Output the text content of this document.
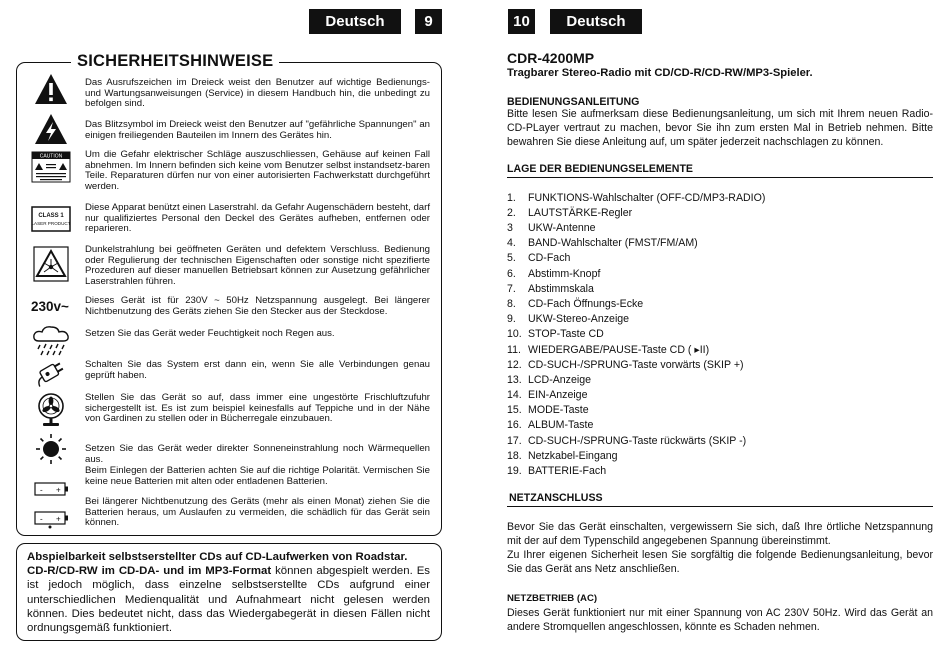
Deutsch	9	10	Deutsch
SICHERHEITSHINWEISE
Das Ausrufszeichen im Dreieck weist den Benutzer auf wichtige Bedienungs- und Wartungsanweisungen (Service) in diesem Handbuch hin, die unbedingt zu befolgen sind.
Das Blitzsymbol im Dreieck weist den Benutzer auf "gefährliche Spannungen" an einigen freiliegenden Bauteilen im Innern des Gerätes hin.
CAUTION Um die Gefahr elektrischer Schläge auszuschliessen, Gehäuse auf keinen Fall abnehmen. Im Innern befinden sich keine vom Benutzer selbst instandsetz-baren Teile. Reparaturen dürfen nur von einer autorisierten Fachwerkstatt durchgeführt werden.
CLASS 1
LASER PRODUCT
Diese Apparat benützt einen Laserstrahl. da Gefahr Augenschädern besteht, darf nur qualifiziertes Personal den Deckel des Gerätes aufheben, entfernen oder reparieren.
Dunkelstrahlung bei geöffneten Geräten und defektem Verschluss. Bedienung oder Regulierung der technischen Eigenschaften oder sonstige nicht spezifierte Prozeduren auf dieser manuellen Betriebsart können zur Ausetzung gefährlicher Laserstrahlen führen.
230v~ Dieses Gerät ist für 230V ~ 50Hz Netzspannung ausgelegt. Bei längerer Nichtbenutzung des Geräts ziehen Sie den Stecker aus der Steckdose.
Setzen Sie das Gerät weder Feuchtigkeit noch Regen aus.
Schalten Sie das System erst dann ein, wenn Sie alle Verbindungen genau geprüft haben.
Stellen Sie das Gerät so auf, dass immer eine ungestörte Frischluftzufuhr sichergestellt ist. Es ist zum beispiel keinesfalls auf Teppiche und in der Nähe von Gardinen zu stellen oder in Bücherregale einzubauen.
Setzen Sie das Gerät weder direkter Sonneneinstrahlung noch Wärmequellen aus.
- +
Beim Einlegen der Batterien achten Sie auf die richtige Polarität. Vermischen Sie keine neue Batterien mit alten oder entladenen Batterien.
- +
Bei längerer Nichtbenutzung des Geräts (mehr als einen Monat) ziehen Sie die Batterien heraus, um Auslaufen zu vermeiden, die schädlich für das Gerät sein können.

Abspielbarkeit selbstserstellter CDs auf CD-Laufwerken von Roadstar.

CD-R/CD-RW im CD-DA- und im MP3-Format können abgespielt werden. Es ist jedoch möglich, dass einzelne selbstserstellte CDs aufgrund einer unterschiedlichen Medienqualität und Aufnahmeart nicht gelesen werden können. Dies bedeutet nicht, dass das Wiedergabegerät in diesen Fällen nicht ordnungsgemäß funktioniert.

CDR-4200MP
Tragbarer Stereo-Radio mit CD/CD-R/CD-RW/MP3-Spieler.
BEDIENUNGSANLEITUNG

Bitte lesen Sie aufmerksam diese Bedienungsanleitung, um sich mit Ihrem neuen Radio-CD-PLayer vertraut zu machen, bevor Sie ihn zum ersten Mal in Betrieb nehmen. Bitte bewahren Sie diese Anleitung auf, um später jederzeit nachschlagen zu können.

LAGE DER BEDIENUNGSELEMENTE
1. FUNKTIONS-Wahlschalter (OFF-CD/MP3-RADIO)
2. LAUTSTÄRKE-Regler
3 UKW-Antenne
4. BAND-Wahlschalter (FMST/FM/AM)
5. CD-Fach
6. Abstimm-Knopf
7. Abstimmskala
8. CD-Fach Öffnungs-Ecke
9. UKW-Stereo-Anzeige
10. STOP-Taste CD
11. WIEDERGABE/PAUSE-Taste CD ( ▸II)
12. CD-SUCH-/SPRUNG-Taste vorwärts (SKIP +)
13. LCD-Anzeige
14. EIN-Anzeige
15. MODE-Taste
16. ALBUM-Taste
17. CD-SUCH-/SPRUNG-Taste rückwärts (SKIP -)
18. Netzkabel-Eingang
19. BATTERIE-Fach
NETZANSCHLUSS

Bevor Sie das Gerät einschalten, vergewissern Sie sich, daß Ihre örtliche Netzspannung mit der auf dem Typenschild angegebenen Spannung übereinstimmt.

Zu Ihrer eigenen Sicherheit lesen Sie sorgfältig die folgende Bedienungsanleitung, bevor Sie das Gerät ans Netz anschließen.

NETZBETRIEB (AC)

Dieses Gerät funktioniert nur mit einer Spannung von AC 230V 50Hz. Wird das Gerät an andere Stromquellen angeschlossen, könnte es Schaden nehmen.
